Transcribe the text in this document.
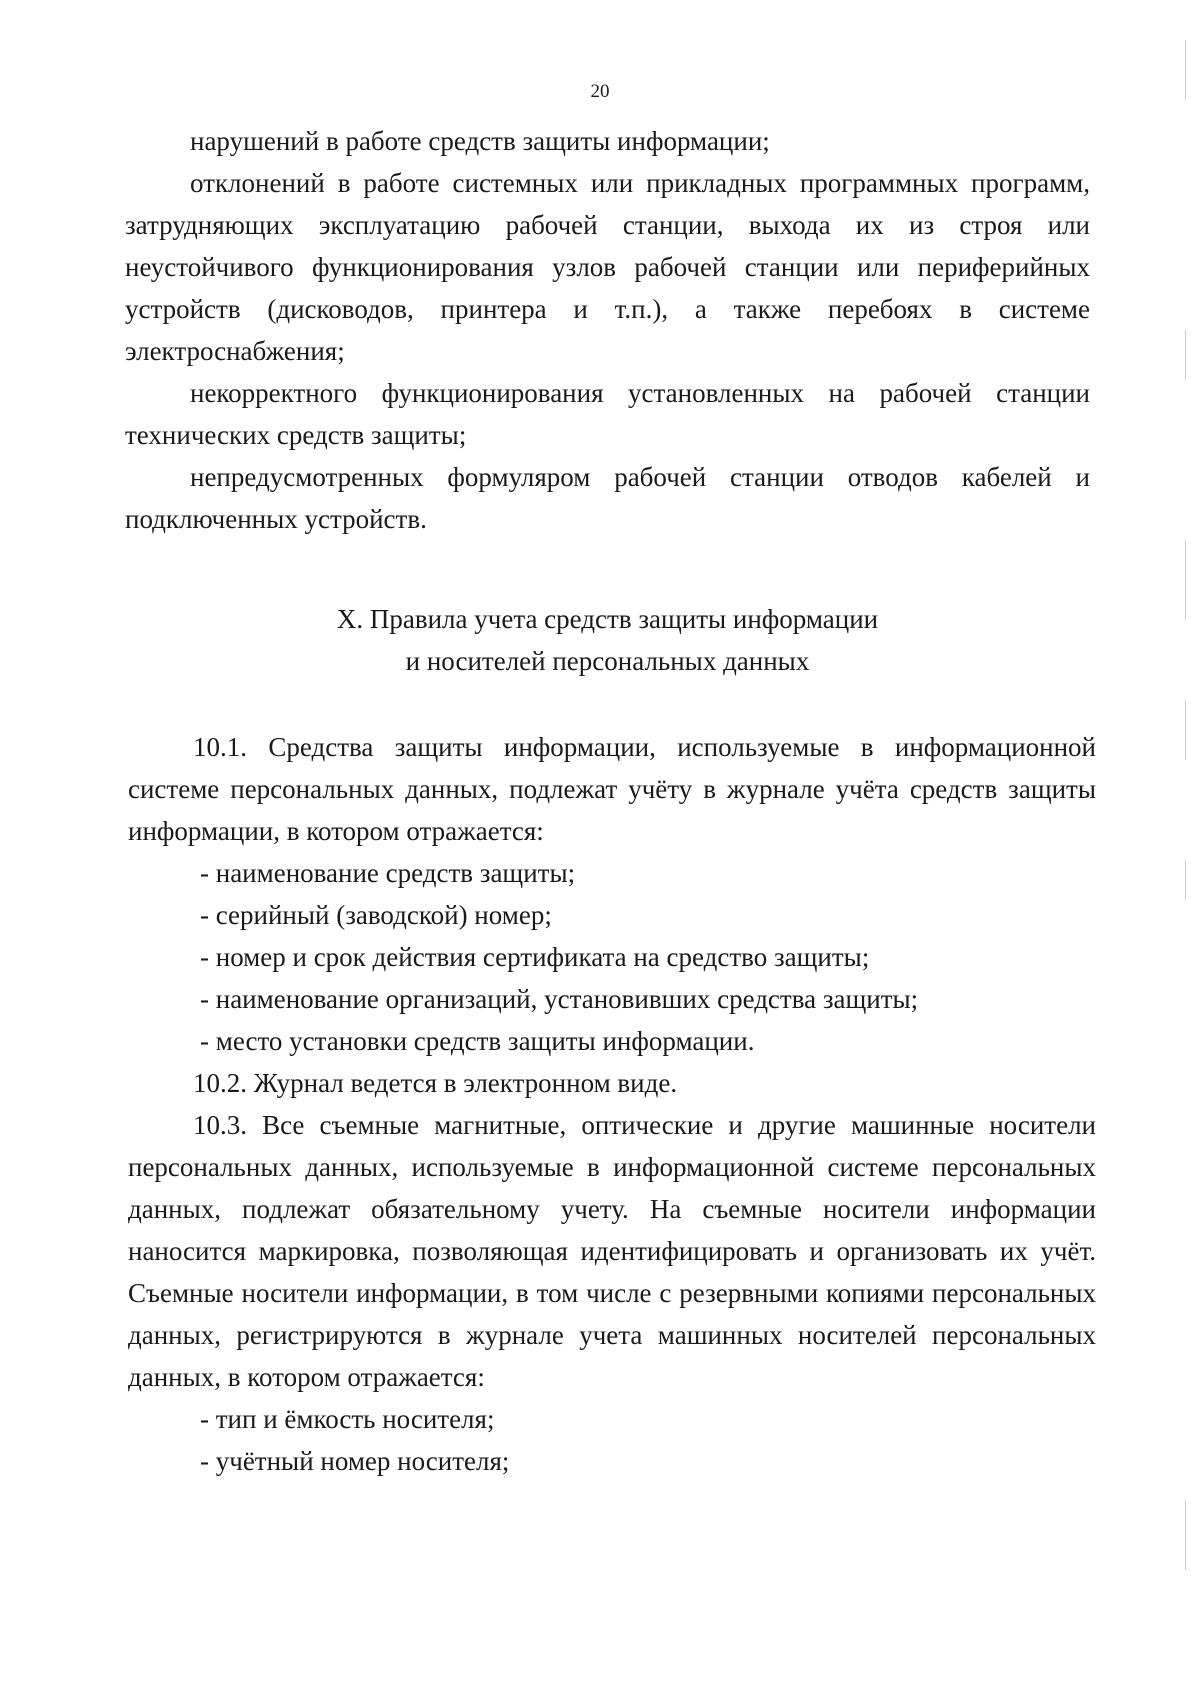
20

нарушений в работе средств защиты информации;

отклонений в работе системных или прикладных программных программ, затрудняющих эксплуатацию рабочей станции, выхода их из строя или неустойчивого функционирования узлов рабочей станции или периферийных устройств (дисководов, принтера и т.п.), а также перебоях в системе электроснабжения;

некорректного функционирования установленных на рабочей станции технических средств защиты;

непредусмотренных формуляром рабочей станции отводов кабелей и подключенных устройств.

X. Правила учета средств защиты информации
и носителей персональных данных

10.1. Средства защиты информации, используемые в информационной системе персональных данных, подлежат учёту в журнале учёта средств защиты информации, в котором отражается:

- наименование средств защиты;

- серийный (заводской) номер;

- номер и срок действия сертификата на средство защиты;

- наименование организаций, установивших средства защиты;

- место установки средств защиты информации.

10.2. Журнал ведется в электронном виде.

10.3. Все съемные магнитные, оптические и другие машинные носители персональных данных, используемые в информационной системе персональных данных, подлежат обязательному учету. На съемные носители информации наносится маркировка, позволяющая идентифицировать и организовать их учёт. Съемные носители информации, в том числе с резервными копиями персональных данных, регистрируются в журнале учета машинных носителей персональных данных, в котором отражается:

- тип и ёмкость носителя;

- учётный номер носителя;
